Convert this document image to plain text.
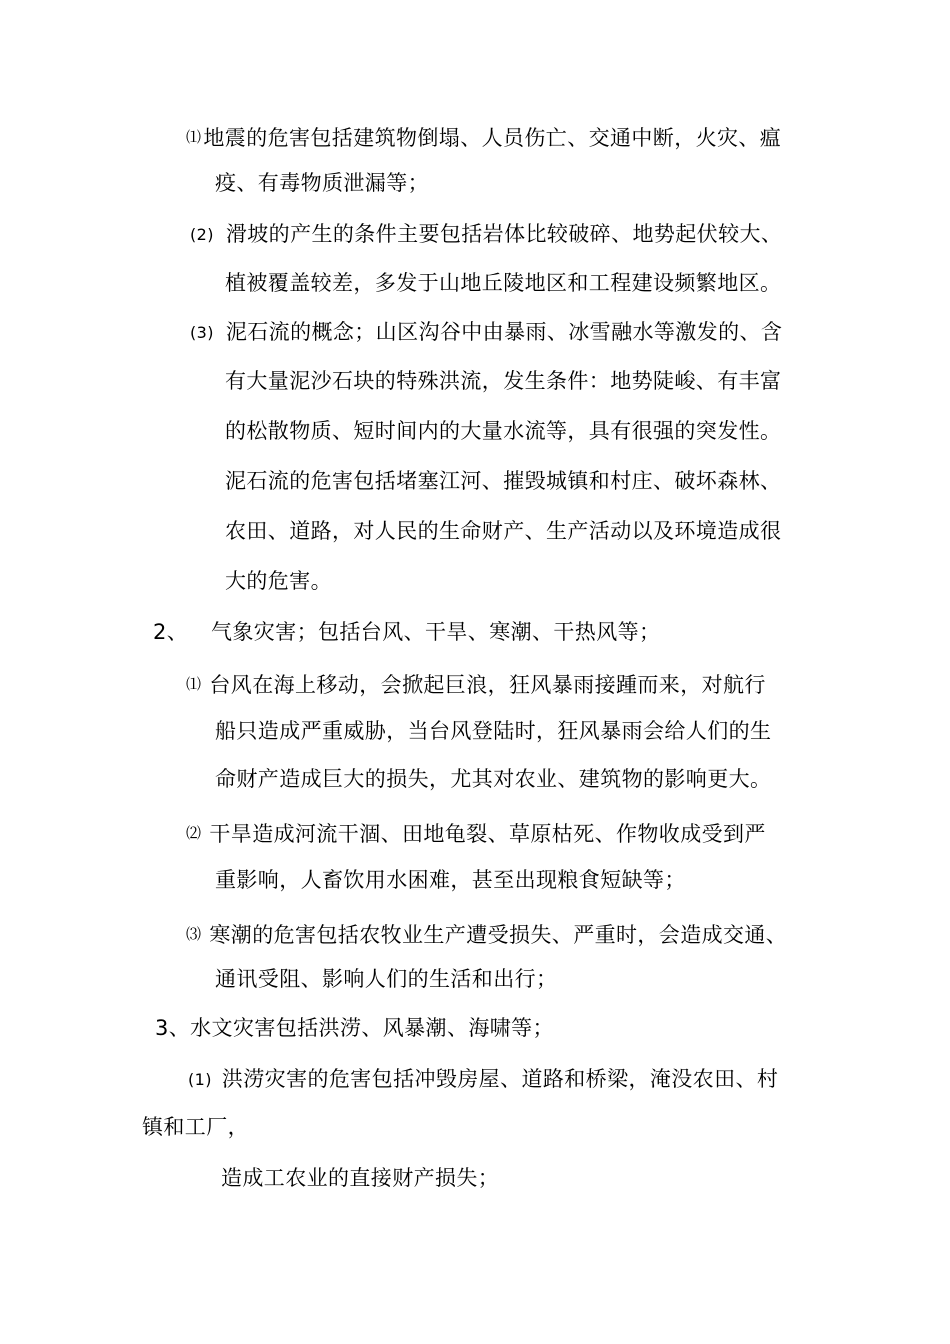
⑴地震的危害包括建筑物倒塌、人员伤亡、交通中断，火灾、瘟
疫、有毒物质泄漏等；
(2) 滑坡的产生的条件主要包括岩体比较破碎、地势起伏较大、
植被覆盖较差，多发于山地丘陵地区和工程建设频繁地区。
(3) 泥石流的概念；山区沟谷中由暴雨、冰雪融水等激发的、含
有大量泥沙石块的特殊洪流，发生条件：地势陡峻、有丰富
的松散物质、短时间内的大量水流等，具有很强的突发性。
泥石流的危害包括堵塞江河、摧毁城镇和村庄、破坏森林、
农田、道路，对人民的生命财产、生产活动以及环境造成很
大的危害。
2、 气象灾害；包括台风、干旱、寒潮、干热风等；
⑴ 台风在海上移动，会掀起巨浪，狂风暴雨接踵而来，对航行
船只造成严重威胁，当台风登陆时，狂风暴雨会给人们的生
命财产造成巨大的损失，尤其对农业、建筑物的影响更大。
⑵ 干旱造成河流干涸、田地龟裂、草原枯死、作物收成受到严
重影响，人畜饮用水困难，甚至出现粮食短缺等；
⑶ 寒潮的危害包括农牧业生产遭受损失、严重时，会造成交通、
通讯受阻、影响人们的生活和出行；
3、水文灾害包括洪涝、风暴潮、海啸等；
(1) 洪涝灾害的危害包括冲毁房屋、道路和桥梁，淹没农田、村
镇和工厂，
造成工农业的直接财产损失；
